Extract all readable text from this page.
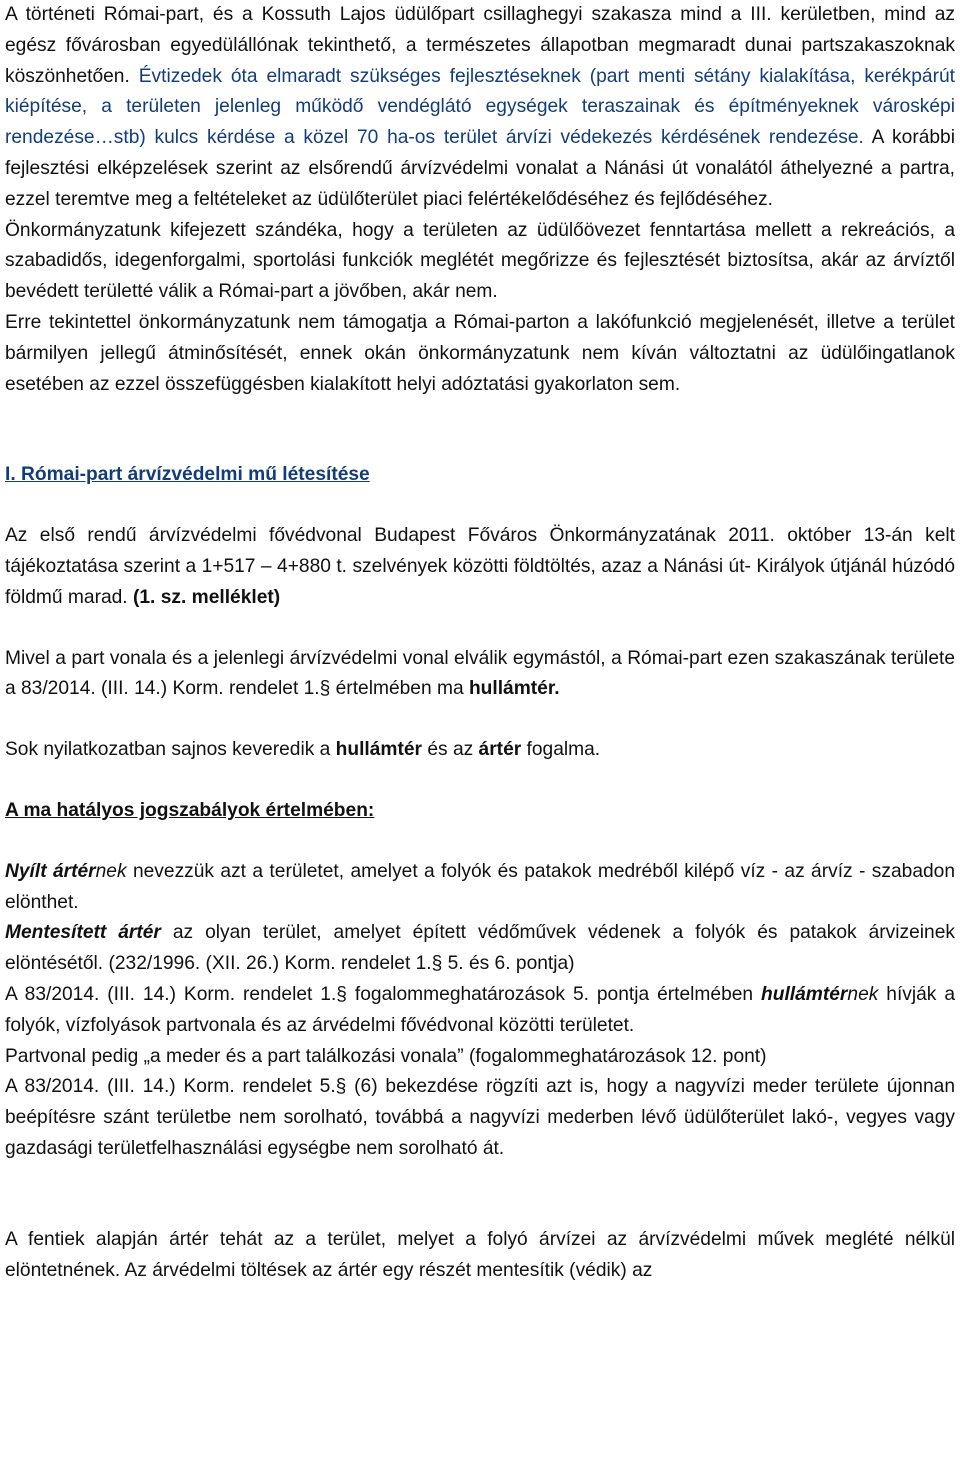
A történeti Római-part, és a Kossuth Lajos üdülőpart csillaghegyi szakasza mind a III. kerületben, mind az egész fővárosban egyedülállónak tekinthető, a természetes állapotban megmaradt dunai partszakaszoknak köszönhetően. Évtizedek óta elmaradt szükséges fejlesztéseknek (part menti sétány kialakítása, kerékpárút kiépítése, a területen jelenleg működő vendéglátó egységek teraszainak és építményeknek városképi rendezése…stb) kulcs kérdése a közel 70 ha-os terület árvízi védekezés kérdésének rendezése. A korábbi fejlesztési elképzelések szerint az elsőrendű árvízvédelmi vonalat a Nánási út vonalától áthelyezné a partra, ezzel teremtve meg a feltételeket az üdülőterület piaci felértékelődéséhez és fejlődéséhez.

Önkormányzatunk kifejezett szándéka, hogy a területen az üdülőövezet fenntartása mellett a rekreációs, a szabadidős, idegenforgalmi, sportolási funkciók meglétét megőrizze és fejlesztését biztosítsa, akár az árvíztől bevédett területté válik a Római-part a jövőben, akár nem.

Erre tekintettel önkormányzatunk nem támogatja a Római-parton a lakófunkció megjelenését, illetve a terület bármilyen jellegű átminősítését, ennek okán önkormányzatunk nem kíván változtatni az üdülőingatlanok esetében az ezzel összefüggésben kialakított helyi adóztatási gyakorlaton sem.

I. Római-part árvízvédelmi mű létesítése

Az első rendű árvízvédelmi fővédvonal Budapest Főváros Önkormányzatának 2011. október 13-án kelt tájékoztatása szerint a 1+517 – 4+880 t. szelvények közötti földtöltés, azaz a Nánási út- Királyok útjánál húzódó földmű marad. (1. sz. melléklet)

Mivel a part vonala és a jelenlegi árvízvédelmi vonal elválik egymástól, a Római-part ezen szakaszának területe a 83/2014. (III. 14.) Korm. rendelet 1.§ értelmében ma hullámtér.

Sok nyilatkozatban sajnos keveredik a hullámtér és az ártér fogalma.

A ma hatályos jogszabályok értelmében:

Nyílt ártérnek nevezzük azt a területet, amelyet a folyók és patakok medréből kilépő víz - az árvíz - szabadon elönthet.

Mentesített ártér az olyan terület, amelyet épített védőművek védenek a folyók és patakok árvizeinek elöntésétől. (232/1996. (XII. 26.) Korm. rendelet 1.§ 5. és 6. pontja)

A 83/2014. (III. 14.) Korm. rendelet 1.§ fogalommeghatározások 5. pontja értelmében hullámtérnek hívják a folyók, vízfolyások partvonala és az árvédelmi fővédvonal közötti területet.

Partvonal pedig „a meder és a part találkozási vonala” (fogalommeghatározások 12. pont)

A 83/2014. (III. 14.) Korm. rendelet 5.§ (6) bekezdése rögzíti azt is, hogy a nagyvízi meder területe újonnan beépítésre szánt területbe nem sorolható, továbbá a nagyvízi mederben lévő üdülőterület lakó-, vegyes vagy gazdasági területfelhasználási egységbe nem sorolható át.

A fentiek alapján ártér tehát az a terület, melyet a folyó árvízei az árvízvédelmi művek meglété nélkül elöntetnének. Az árvédelmi töltések az ártér egy részét mentesítik (védik) az
